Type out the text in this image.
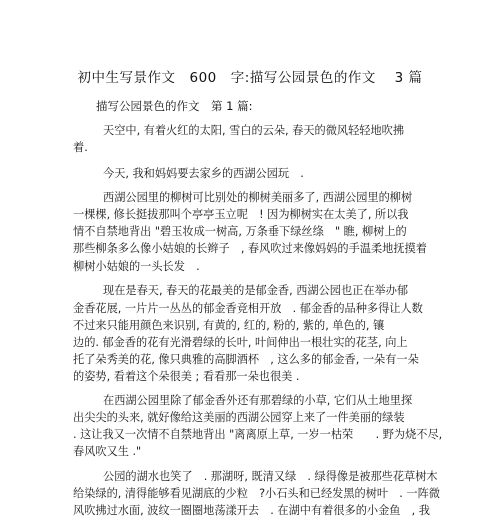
初中生写景作文　600　字:描写公园景色的作文　 3 篇
描写公园景色的作文　第 1 篇:
天空中, 有着火红的太阳, 雪白的云朵, 春天的微风轻轻地吹拂
着.
今天, 我和妈妈要去家乡的西湖公园玩　.
西湖公园里的柳树可比别处的柳树美丽多了, 西湖公园里的柳树
一棵棵, 修长挺拔那叫个亭亭玉立呢　! 因为柳树实在太美了, 所以我
情不自禁地背出 "碧玉妆成一树高, 万条垂下绿丝绦　" 瞧, 柳树上的
那些柳条多么像小姑娘的长辫子　, 春风吹过来像妈妈的手温柔地抚摸着
柳树小姑娘的一头长发　.
现在是春天, 春天的花最美的是郁金香, 西湖公园也正在举办郁
金香花展, 一片片一丛丛的郁金香竞相开放　. 郁金香的品种多得让人数
不过来只能用颜色来识别, 有黄的, 红的, 粉的, 紫的, 单色的, 镶
边的. 郁金香的花有光滑碧绿的长叶, 叶间伸出一根壮实的花茎, 向上
托了朵秀美的花, 像只典雅的高脚酒杯　, 这么多的郁金香, 一朵有一朵
的姿势, 看着这个朵很美 ; 看看那一朵也很美 .
在西湖公园里除了郁金香外还有那碧绿的小草, 它们从土地里探
出尖尖的头来, 就好像给这美丽的西湖公园穿上来了一件美丽的绿装
. 这让我又一次情不自禁地背出 "离离原上草, 一岁一枯荣　　. 野为烧不尽,
春风吹又生 ."
公园的湖水也笑了　. 那湖呀, 既清又绿　. 绿得像是被那些花草树木
给染绿的, 清得能够看见湖底的少粒　?小石头和已经发黑的树叶　. 一阵微
风吹拂过水面, 波纹一圈圈地荡漾开去　. 在湖中有着很多的小金鱼　, 我
